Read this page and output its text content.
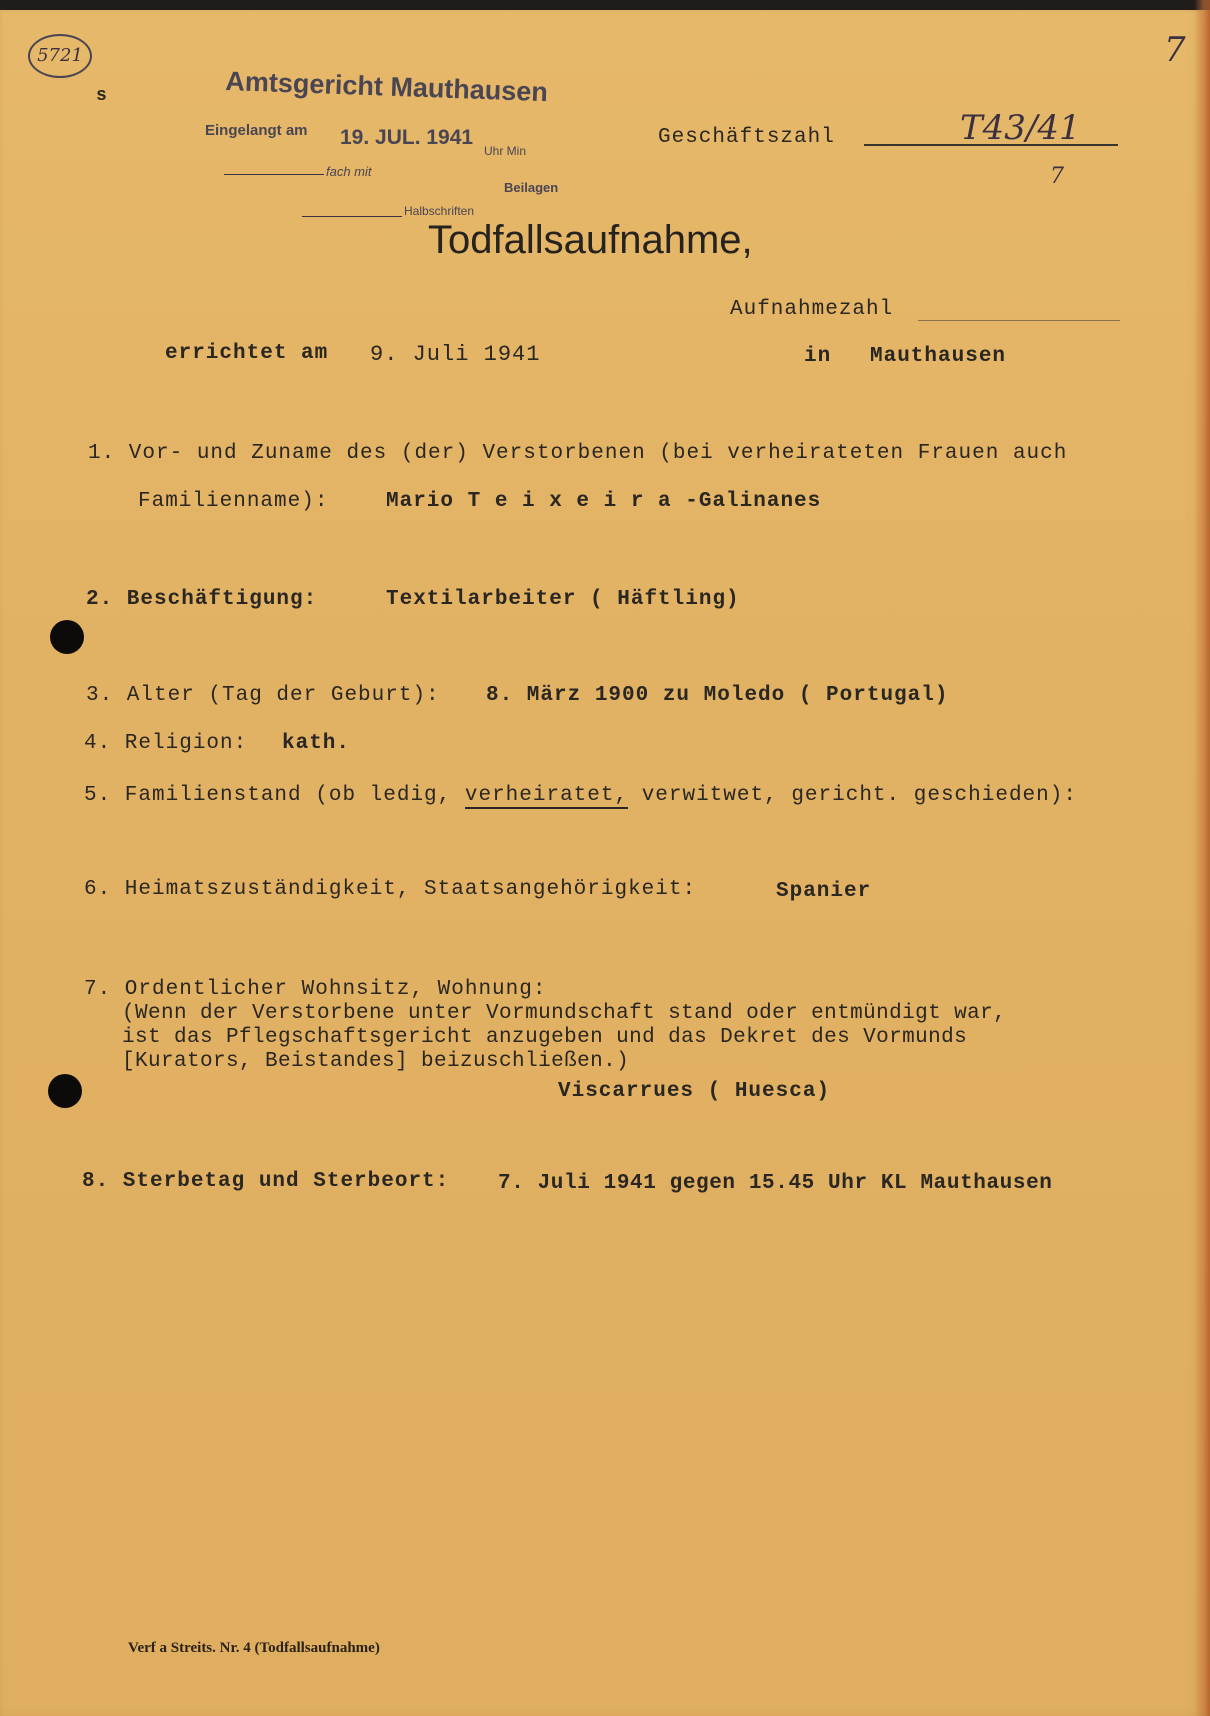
5721	7
s	Amtsgericht Mauthausen
Eingelangt am 19. JUL. 1941
Uhr Min
fach mit
Beilagen
Halbschriften
Geschäftszahl	T43/41
7
Todfallsaufnahme,
Aufnahmezahl
errichtet am 9. Juli 1941	in Mauthausen
1. Vor- und Zuname des (der) Verstorbenen (bei verheirateten Frauen auch
Familienname):	Mario T e i x e i r a -Galinanes
2. Beschäftigung:	Textilarbeiter ( Häftling)
3. Alter (Tag der Geburt): 8. März 1900 zu Moledo ( Portugal)
4. Religion: kath.
5. Familienstand (ob ledig, verheiratet, verwitwet, gericht. geschieden):
6. Heimatszuständigkeit, Staatsangehörigkeit:	Spanier
7. Ordentlicher Wohnsitz, Wohnung:
(Wenn der Verstorbene unter Vormundschaft stand oder entmündigt war,
ist das Pflegschaftsgericht anzugeben und das Dekret des Vormunds
[Kurators, Beistandes] beizuschließen.)
Viscarrues ( Huesca)
8. Sterbetag und Sterbeort: 7. Juli 1941 gegen 15.45 Uhr KL Mauthausen
Verf a Streits. Nr. 4 (Todfallsaufnahme)
